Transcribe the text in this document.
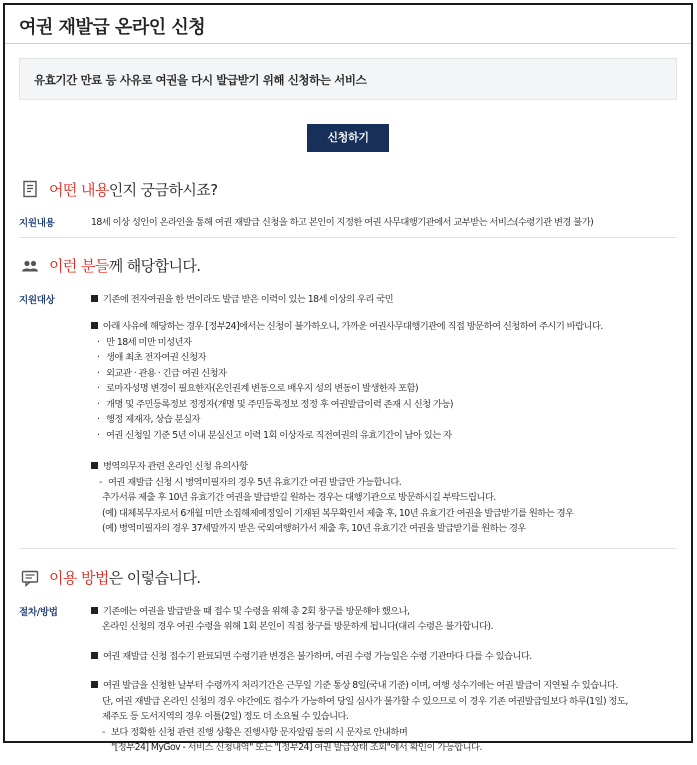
여권 재발급 온라인 신청
유효기간 만료 등 사유로 여권을 다시 발급받기 위해 신청하는 서비스
신청하기
어떤 내용 인지 궁금하시죠?
지원내용	18세 이상 성인이 온라인을 통해 여권 재발급 신청을 하고 본인이 지정한 여권 사무대행기관에서 교부받는 서비스(수령기관 변경 불가)
이런 분들 께 해당합니다.
지원대상	기존에 전자여권을 한 번이라도 발급 받은 이력이 있는 18세 이상의 우리 국민
아래 사유에 해당하는 경우 [정부24]에서는 신청이 불가하오니, 가까운 여권사무대행기관에 직접 방문하여 신청하여 주시기 바랍니다.
· 만 18세 미만 미성년자
· 생애 최초 전자여권 신청자
· 외교관 · 관용 · 긴급 여권 신청자
· 로마자성명 변경이 필요한자(온인권계 변동으로 배우지 성의 변동이 발생한자 포함)
· 개명 및 주민등록정보 정정자(개명 및 주민등록정보 정정 후 여권발급이력 존재 시 신청 가능)
· 행정 제재자, 상습 분실자
· 여권 신청일 기준 5년 이내 분실신고 이력 1회 이상자로 직전여권의 유효기간이 남아 있는 자
병역의무자 관련 온라인 신청 유의사항
- 여권 재발급 신청 시 병역미필자의 경우 5년 유효기간 여권 발급만 가능합니다.
추가서류 제출 후 10년 유효기간 여권을 발급받길 원하는 경우는 대행기관으로 방문하시길 부탁드립니다.
(예) 대체복무자로서 6개월 미만 소집해제예정일이 기재된 복무확인서 제출 후, 10년 유효기간 여권을 발급받기를 원하는 경우
(예) 병역미필자의 경우 37세말까지 받은 국외여행허가서 제출 후, 10년 유효기간 여권을 발급받기를 원하는 경우
이용 방법 은 이렇습니다.
절차/방법	기존에는 여권을 발급받을 때 접수 및 수령을 위해 총 2회 창구를 방문해야 했으나,
온라인 신청의 경우 여권 수령을 위해 1회 본인이 직접 창구를 방문하게 됩니다(대리 수령은 불가합니다).
여권 재발급 신청 접수기 완료되면 수령기관 변경은 불가하며, 여권 수령 가능일은 수령 기관마다 다를 수 있습니다.
여권 발급을 신청한 날부터 수령까지 처리기간은 근무일 기준 통상 8일(국내 기준) 이며, 여행 성수기에는 여권 발급이 지연될 수 있습니다.
단, 여권 재발급 온라인 신청의 경우 야간에도 접수가 가능하여 당일 심사가 불가할 수 있으므로 이 경우 기존 여권발급일보다 하루(1일) 정도,
제주도 등 도서지역의 경우 이틀(2일) 정도 더 소요될 수 있습니다.
- 보다 정확한 신청 관련 진행 상황은 진행사항 문자알림 동의 시 문자로 안내하며
"[정부24] MyGov - 서비스 신청내역" 또는 "[정부24] 여권 발급상태 조회"에서 확인이 가능합니다.
